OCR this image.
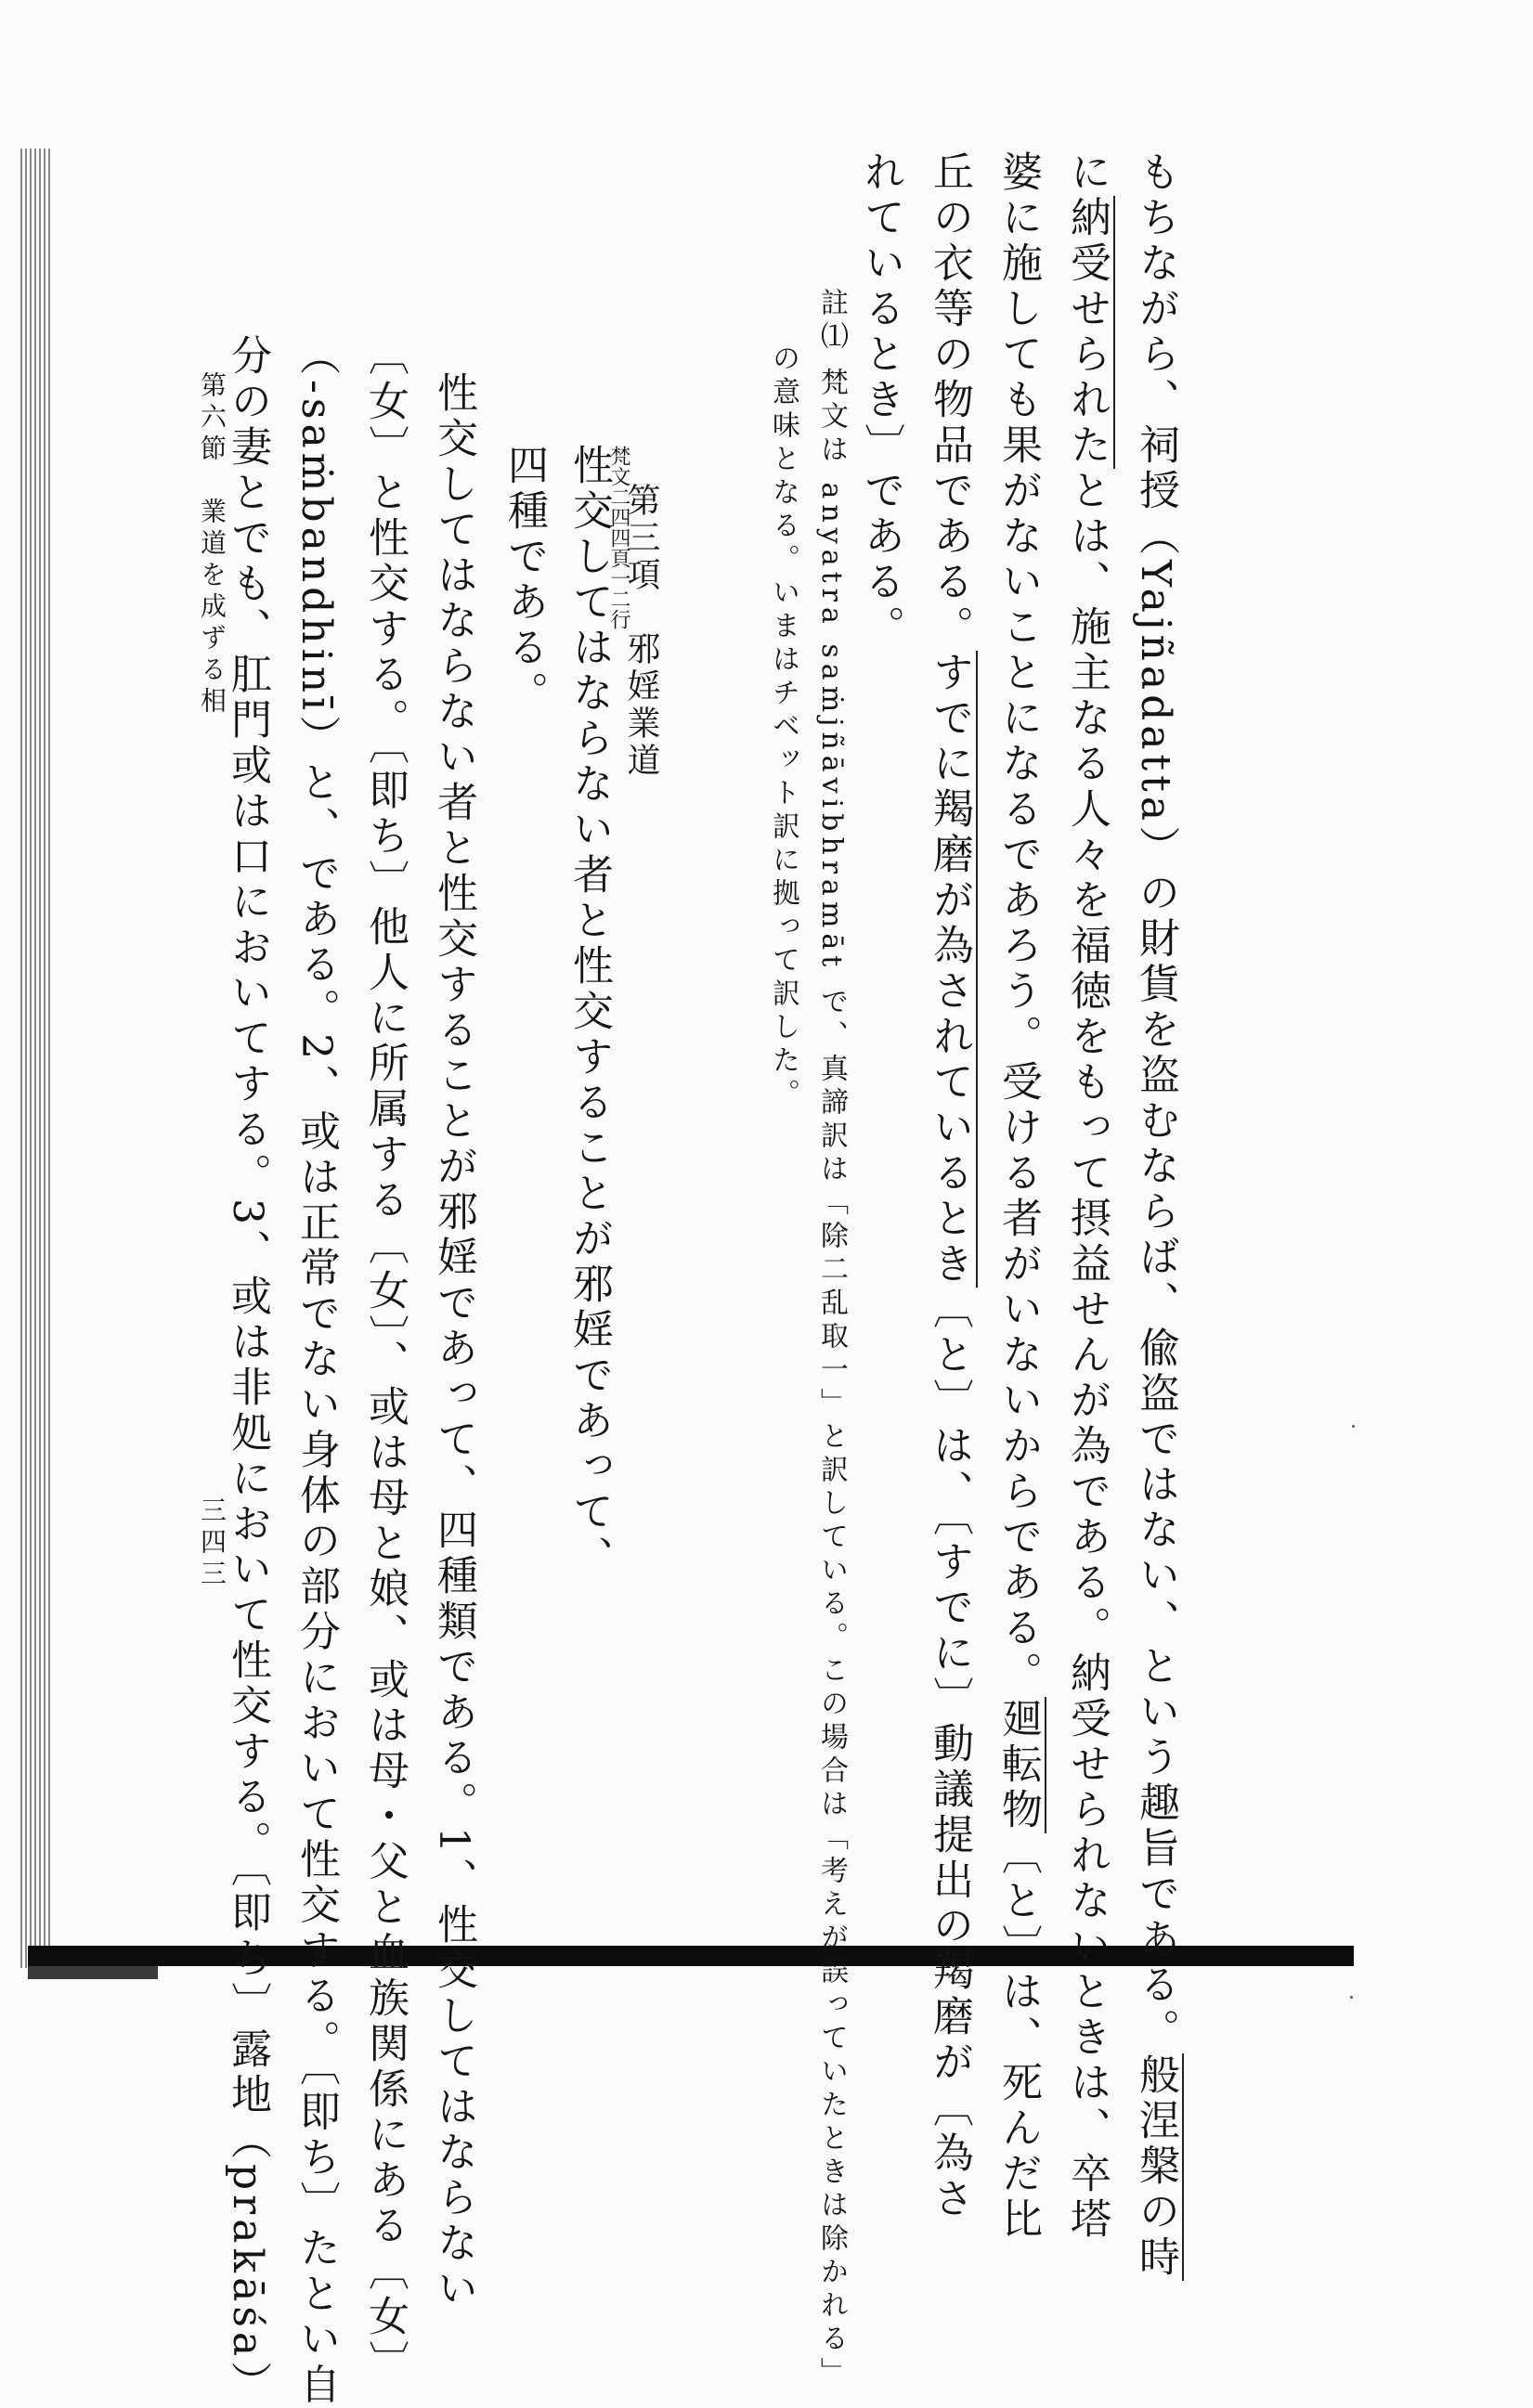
もちながら、祠授（Yajñadatta）の財貨を盗むならば、偸盗ではない、という趣旨である。般涅槃の時
に納受せられたとは、施主なる人々を福徳をもって摂益せんが為である。納受せられないときは、卒塔
婆に施しても果がないことになるであろう。受ける者がいないからである。廻転物〔と〕は、死んだ比
丘の衣等の物品である。すでに羯磨が為されているとき〔と〕は、〔すでに〕動議提出の羯磨が〔為さ
れているとき〕である。
註⑴梵文は anyatra saṁjñāvibhramāt で、真諦訳は「除二乱取一」と訳している。この場合は「考えが誤っていたときは除かれる」
の意味となる。いまはチベット訳に拠って訳した。
第三項　邪婬業道
梵文二四四頁一二行
性交してはならない者と性交することが邪婬であって、
四種である。
性交してはならない者と性交することが邪婬であって、四種類である。1、性交してはならない
〔女〕と性交する。〔即ち〕他人に所属する〔女〕、或は母と娘、或は母・父と血族関係にある〔女〕
（-saṁbandhinī）と、である。2、或は正常でない身体の部分において性交する。〔即ち〕たとい自
分の妻とでも、肛門或は口においてする。3、或は非処において性交する。〔即ち〕露地（prakāśa）
第六節　業道を成ずる相
三四三
